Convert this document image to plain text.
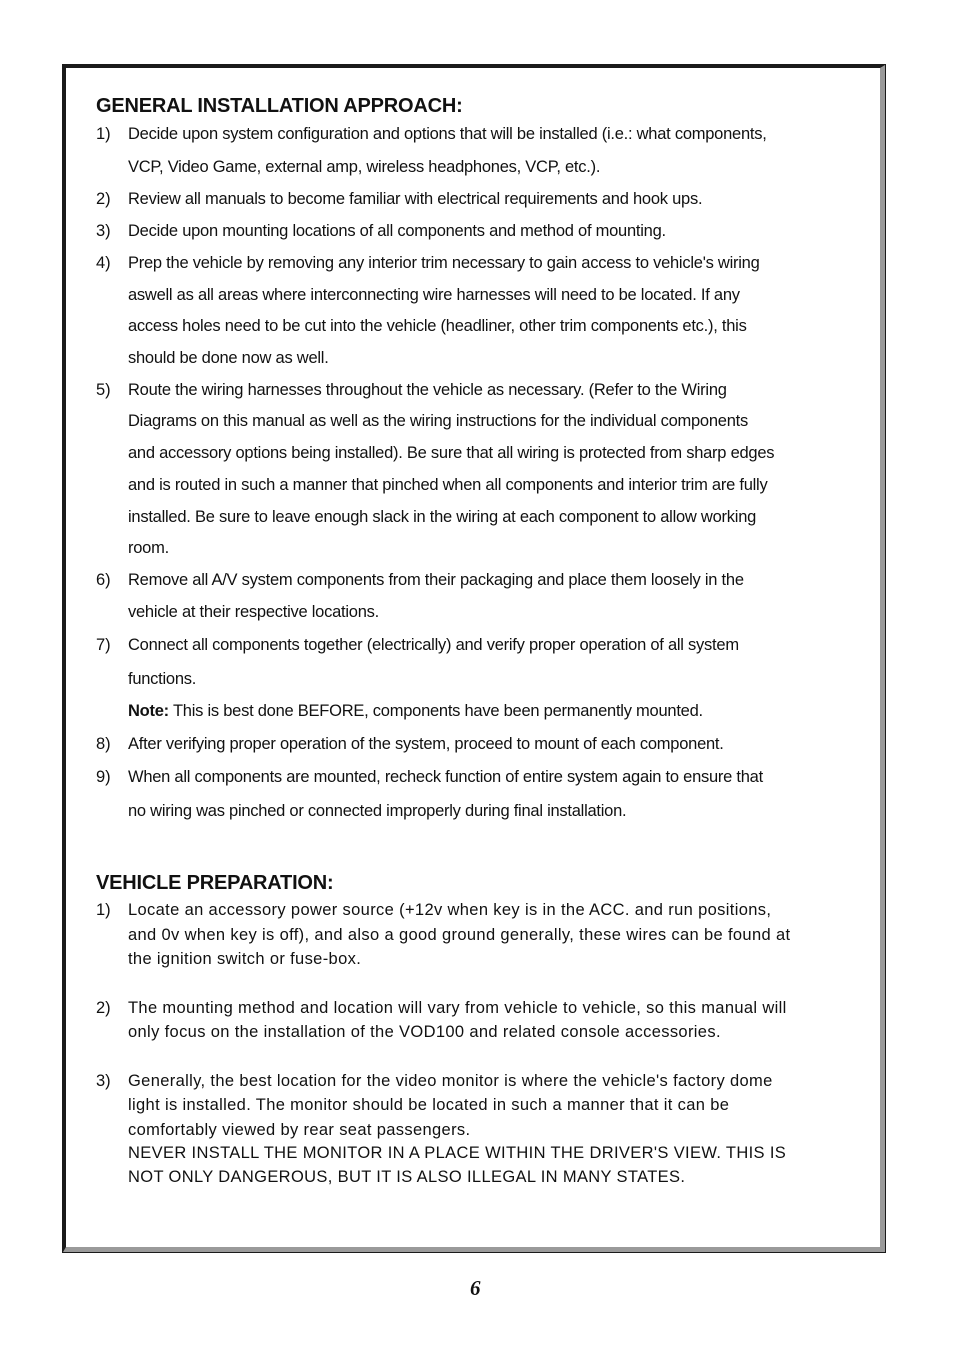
GENERAL INSTALLATION APPROACH:
1) Decide upon system configuration and options that will be installed (i.e.: what components,
VCP, Video Game, external amp, wireless headphones, VCP, etc.).
2) Review all manuals to become familiar with electrical requirements and hook ups.
3) Decide upon mounting locations of all components and method of mounting.
4) Prep the vehicle by removing any interior trim necessary to gain access to vehicle's wiring
aswell as all areas where interconnecting wire harnesses will need to be located. If any
access holes need to be cut into the vehicle (headliner, other trim components etc.), this
should be done now as well.
5) Route the wiring harnesses throughout the vehicle as necessary. (Refer to the Wiring
Diagrams on this manual as well as the wiring instructions for the individual components
and accessory options being installed). Be sure that all wiring is protected from sharp edges
and is routed in such a manner that pinched when all components and interior trim are fully
installed. Be sure to leave enough slack in the wiring at each component to allow working
room.
6) Remove all A/V system components from their packaging and place them loosely in the
vehicle at their respective locations.
7) Connect all components together (electrically) and verify proper operation of all system
functions.
Note: This is best done BEFORE, components have been permanently mounted.
8) After verifying proper operation of the system, proceed to mount of each component.
9) When all components are mounted, recheck function of entire system again to ensure that
no wiring was pinched or connected improperly during final installation.
VEHICLE PREPARATION:
1) Locate an accessory power source (+12v when key is in the ACC. and run positions,
and 0v when key is off), and also a good ground generally, these wires can be found at
the ignition switch or fuse-box.
2) The mounting method and location will vary from vehicle to vehicle, so this manual will
only focus on the installation of the VOD100 and related console accessories.
3) Generally, the best location for the video monitor is where the vehicle's factory dome
light is installed. The monitor should be located in such a manner that it can be
comfortably viewed by rear seat passengers.
NEVER INSTALL THE MONITOR IN A PLACE WITHIN THE DRIVER'S VIEW. THIS IS
NOT ONLY DANGEROUS, BUT IT IS ALSO ILLEGAL IN MANY STATES.
6
